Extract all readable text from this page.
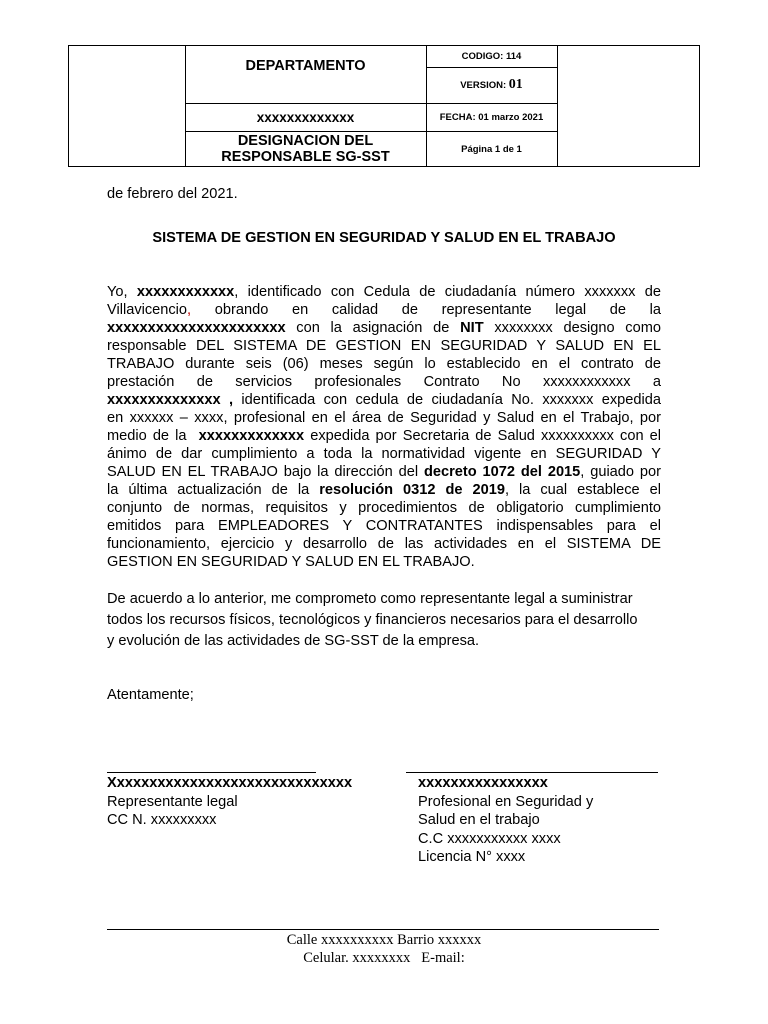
DEPARTAMENTO
xxxxxxxxxxxxx
DESIGNACION DEL
RESPONSABLE SG-SST
CODIGO: 114
VERSION: 01
FECHA: 01 marzo 2021
Página 1 de 1
de febrero del 2021.
SISTEMA DE GESTION EN SEGURIDAD Y SALUD EN EL TRABAJO
Yo, xxxxxxxxxxxx, identificado con Cedula de ciudadanía número xxxxxxx de
Villavicencio, obrando en calidad de representante legal de la
xxxxxxxxxxxxxxxxxxxxxx con la asignación de NIT xxxxxxxx designo como
responsable DEL SISTEMA DE GESTION EN SEGURIDAD Y SALUD EN EL
TRABAJO durante seis (06) meses según lo establecido en el contrato de
prestación de servicios profesionales Contrato No xxxxxxxxxxxx a
xxxxxxxxxxxxxx , identificada con cedula de ciudadanía No. xxxxxxx expedida
en xxxxxx – xxxx, profesional en el área de Seguridad y Salud en el Trabajo, por
medio de la  xxxxxxxxxxxxx expedida por Secretaria de Salud xxxxxxxxxx con el
ánimo de dar cumplimiento a toda la normatividad vigente en SEGURIDAD Y
SALUD EN EL TRABAJO bajo la dirección del decreto 1072 del 2015, guiado por
la última actualización de la resolución 0312 de 2019, la cual establece el
conjunto de normas, requisitos y procedimientos de obligatorio cumplimiento
emitidos para EMPLEADORES Y CONTRATANTES indispensables para el
funcionamiento, ejercicio y desarrollo de las actividades en el SISTEMA DE
GESTION EN SEGURIDAD Y SALUD EN EL TRABAJO.
De acuerdo a lo anterior, me comprometo como representante legal a suministrar
todos los recursos físicos, tecnológicos y financieros necesarios para el desarrollo
y evolución de las actividades de SG-SST de la empresa.
Atentamente;
Xxxxxxxxxxxxxxxxxxxxxxxxxxxxxx
Representante legal
CC N. xxxxxxxxx
xxxxxxxxxxxxxxxx
Profesional en Seguridad y
Salud en el trabajo
C.C xxxxxxxxxxx xxxx
Licencia N° xxxx
Calle xxxxxxxxxx Barrio xxxxxx
Celular. xxxxxxxx   E-mail:
